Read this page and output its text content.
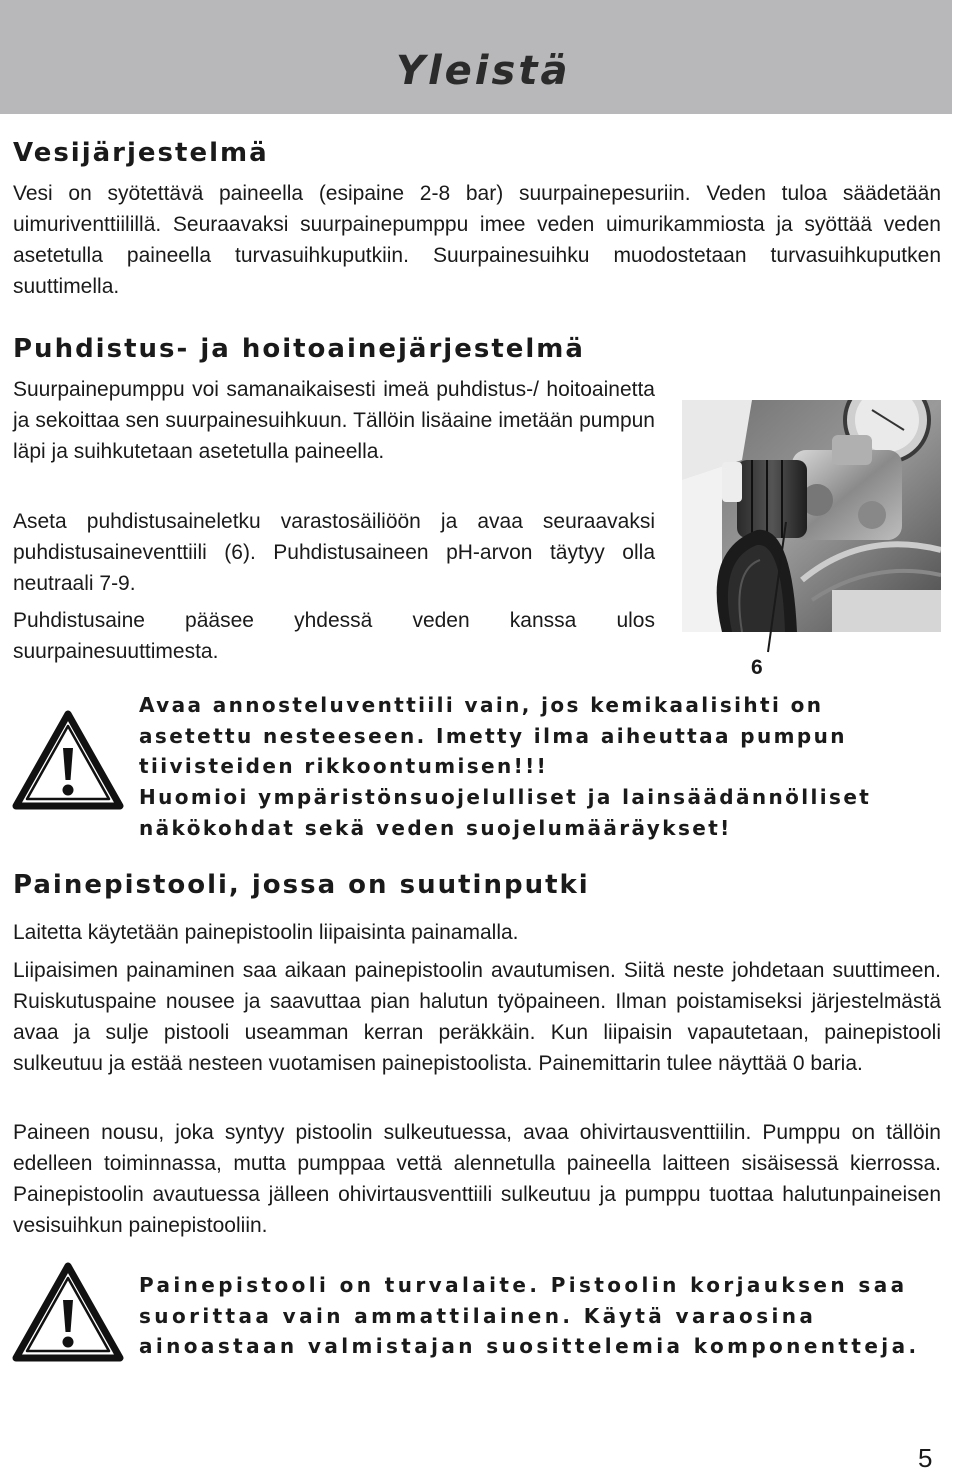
Yleistä
Vesijärjestelmä
Vesi on syötettävä paineella (esipaine 2-8 bar) suurpainepesuriin. Veden tuloa säädetään uimuriventtiilillä. Seuraavaksi suurpainepumppu imee veden uimurikammiosta ja syöttää veden asetetulla paineella turvasuihkuputkiin. Suurpainesuihku muodostetaan turvasuihkuputken suuttimella.
Puhdistus- ja hoitoainejärjestelmä
Suurpainepumppu voi samanaikaisesti imeä puhdistus-/ hoitoainetta ja sekoittaa sen suurpainesuihkuun. Tällöin lisäaine imetään pumpun läpi ja suihkutetaan asetetulla paineella.
Aseta puhdistusaineletku varastosäiliöön ja avaa seuraavaksi puhdistusaineventtiili (6). Puhdistusaineen pH-arvon täytyy olla neutraali 7-9.
Puhdistusaine pääsee yhdessä veden kanssa ulos suurpainesuuttimesta.
6
Avaa annosteluventtiili vain, jos kemikaalisihti on asetettu nesteeseen. Imetty ilma aiheuttaa pumpun tiivisteiden rikkoontumisen!!!
Huomioi ympäristönsuojelulliset ja lainsäädännölliset näkökohdat sekä veden suojelumääräykset!
Painepistooli, jossa on suutinputki
Laitetta käytetään painepistoolin liipaisinta painamalla.
Liipaisimen painaminen saa aikaan painepistoolin avautumisen. Siitä neste johdetaan suuttimeen. Ruiskutuspaine nousee ja saavuttaa pian halutun työpaineen. Ilman poistamiseksi järjestelmästä avaa ja sulje pistooli useamman kerran peräkkäin. Kun liipaisin vapautetaan, painepistooli sulkeutuu ja estää nesteen vuotamisen painepistoolista. Painemittarin tulee näyttää 0 baria.
Paineen nousu, joka syntyy pistoolin sulkeutuessa, avaa ohivirtausventtiilin. Pumppu on tällöin edelleen toiminnassa, mutta pumppaa vettä alennetulla paineella laitteen sisäisessä kierrossa. Painepistoolin avautuessa jälleen ohivirtausventtiili sulkeutuu ja pumppu tuottaa halutunpaineisen vesisuihkun painepistooliin.
Painepistooli on turvalaite. Pistoolin korjauksen saa suorittaa vain ammattilainen. Käytä varaosina ainoastaan valmistajan suosittelemia komponentteja.
5
